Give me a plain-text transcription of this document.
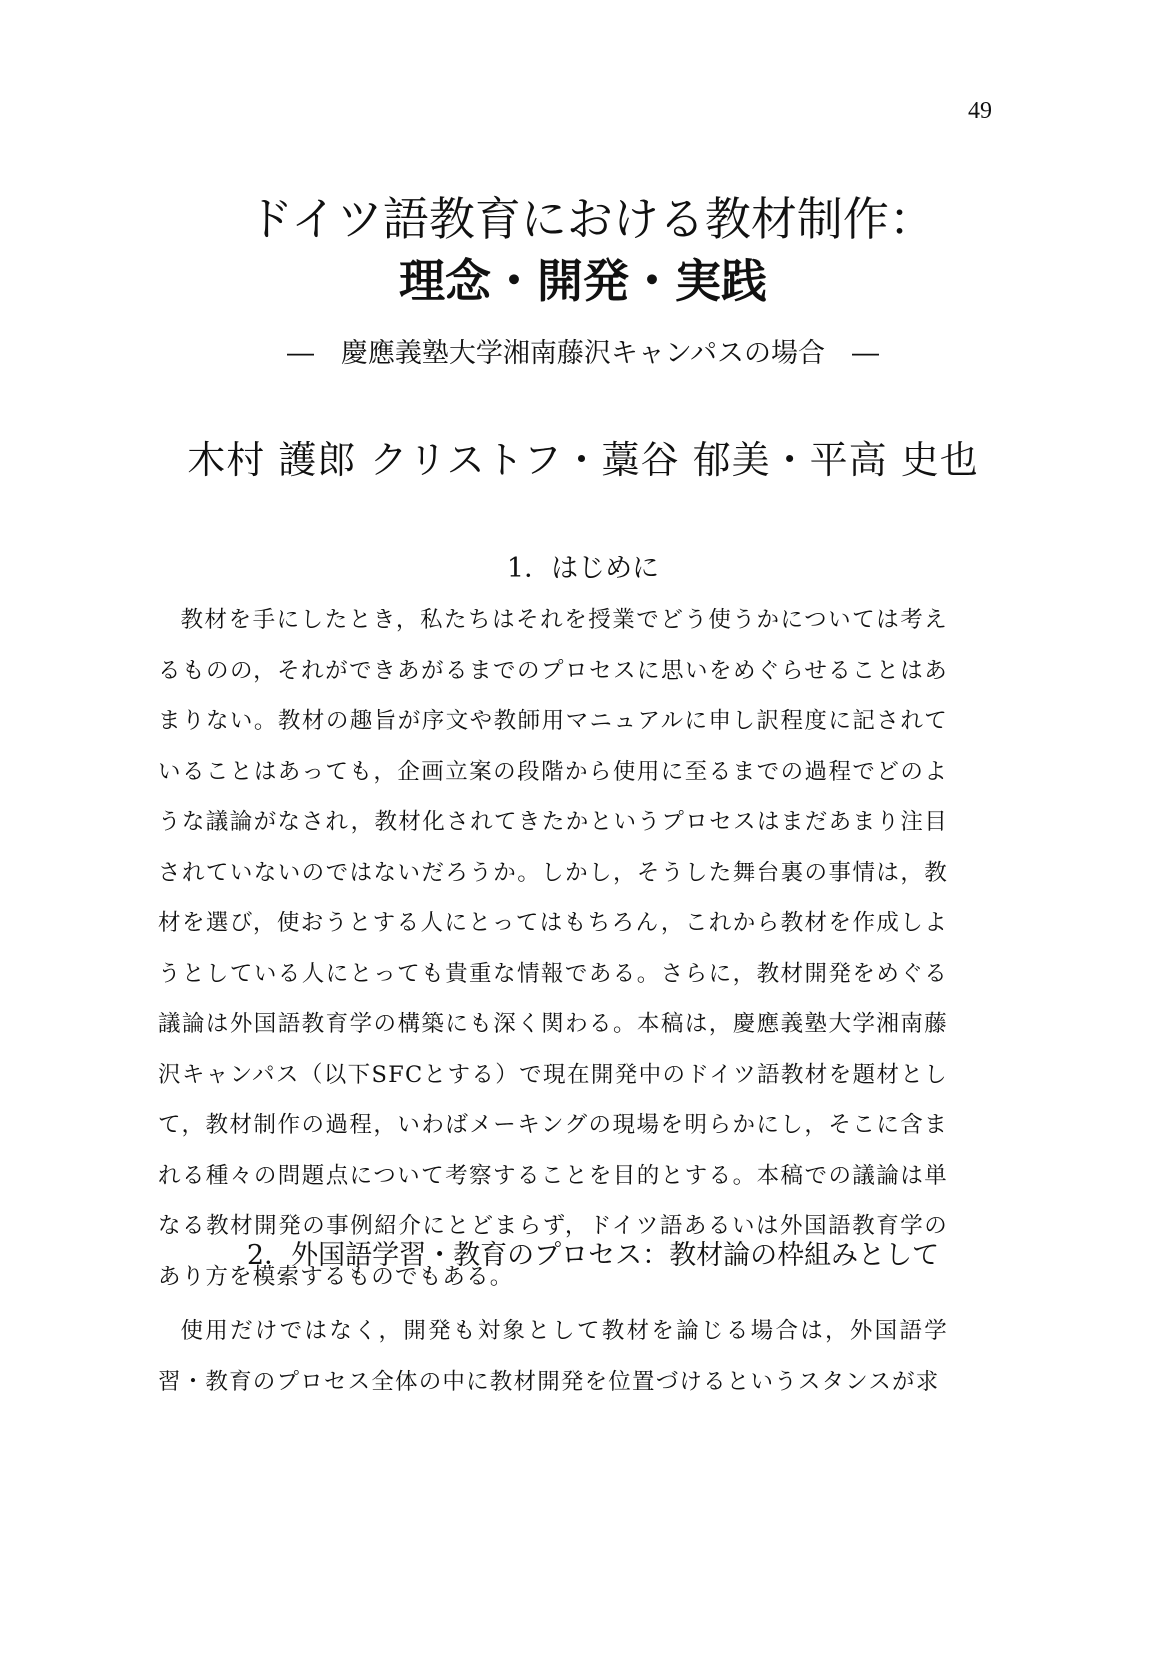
49
ドイツ語教育における教材制作：
理念・開発・実践
―　慶應義塾大学湘南藤沢キャンパスの場合　―
木村 護郎 クリストフ・藁谷 郁美・平高 史也
1．はじめに

教材を手にしたとき，私たちはそれを授業でどう使うかについては考えるものの，それができあがるまでのプロセスに思いをめぐらせることはあまりない。教材の趣旨が序文や教師用マニュアルに申し訳程度に記されていることはあっても，企画立案の段階から使用に至るまでの過程でどのような議論がなされ，教材化されてきたかというプロセスはまだあまり注目されていないのではないだろうか。しかし，そうした舞台裏の事情は，教材を選び，使おうとする人にとってはもちろん，これから教材を作成しようとしている人にとっても貴重な情報である。さらに，教材開発をめぐる議論は外国語教育学の構築にも深く関わる。本稿は，慶應義塾大学湘南藤沢キャンパス（以下SFCとする）で現在開発中のドイツ語教材を題材として，教材制作の過程，いわばメーキングの現場を明らかにし，そこに含まれる種々の問題点について考察することを目的とする。本稿での議論は単なる教材開発の事例紹介にとどまらず，ドイツ語あるいは外国語教育学のあり方を模索するものでもある。

2．外国語学習・教育のプロセス：教材論の枠組みとして

使用だけではなく，開発も対象として教材を論じる場合は，外国語学習・教育のプロセス全体の中に教材開発を位置づけるというスタンスが求
